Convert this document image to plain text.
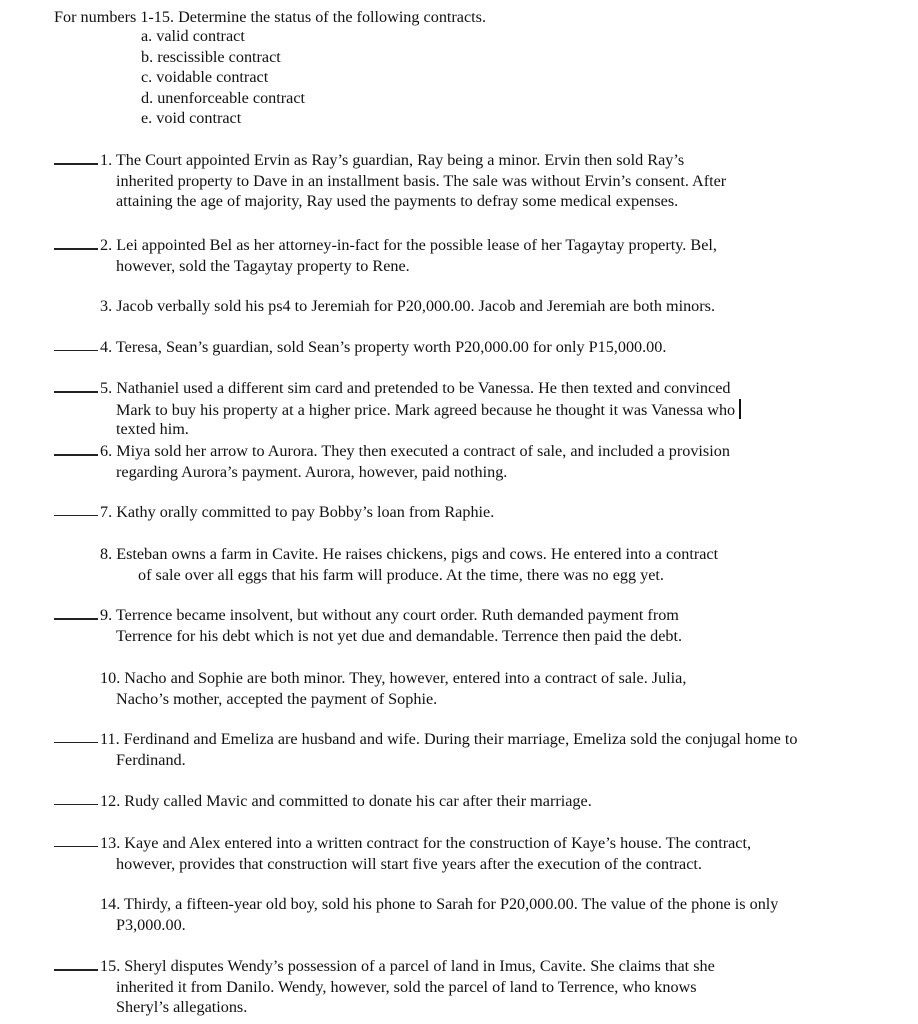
For numbers 1-15. Determine the status of the following contracts.
a. valid contract
b. rescissible contract
c. voidable contract
d. unenforceable contract
e. void contract
1. The Court appointed Ervin as Ray’s guardian, Ray being a minor. Ervin then sold Ray’s
inherited property to Dave in an installment basis. The sale was without Ervin’s consent. After
attaining the age of majority, Ray used the payments to defray some medical expenses.
2. Lei appointed Bel as her attorney-in-fact for the possible lease of her Tagaytay property. Bel,
however, sold the Tagaytay property to Rene.
3. Jacob verbally sold his ps4 to Jeremiah for P20,000.00. Jacob and Jeremiah are both minors.
4. Teresa, Sean’s guardian, sold Sean’s property worth P20,000.00 for only P15,000.00.
5. Nathaniel used a different sim card and pretended to be Vanessa. He then texted and convinced
Mark to buy his property at a higher price. Mark agreed because he thought it was Vanessa who
texted him.
6. Miya sold her arrow to Aurora. They then executed a contract of sale, and included a provision
regarding Aurora’s payment. Aurora, however, paid nothing.
7. Kathy orally committed to pay Bobby’s loan from Raphie.
8. Esteban owns a farm in Cavite. He raises chickens, pigs and cows. He entered into a contract
of sale over all eggs that his farm will produce. At the time, there was no egg yet.
9. Terrence became insolvent, but without any court order. Ruth demanded payment from
Terrence for his debt which is not yet due and demandable. Terrence then paid the debt.
10. Nacho and Sophie are both minor. They, however, entered into a contract of sale. Julia,
Nacho’s mother, accepted the payment of Sophie.
11. Ferdinand and Emeliza are husband and wife. During their marriage, Emeliza sold the conjugal home to
Ferdinand.
12. Rudy called Mavic and committed to donate his car after their marriage.
13. Kaye and Alex entered into a written contract for the construction of Kaye’s house. The contract,
however, provides that construction will start five years after the execution of the contract.
14. Thirdy, a fifteen-year old boy, sold his phone to Sarah for P20,000.00. The value of the phone is only
P3,000.00.
15. Sheryl disputes Wendy’s possession of a parcel of land in Imus, Cavite. She claims that she
inherited it from Danilo. Wendy, however, sold the parcel of land to Terrence, who knows
Sheryl’s allegations.
